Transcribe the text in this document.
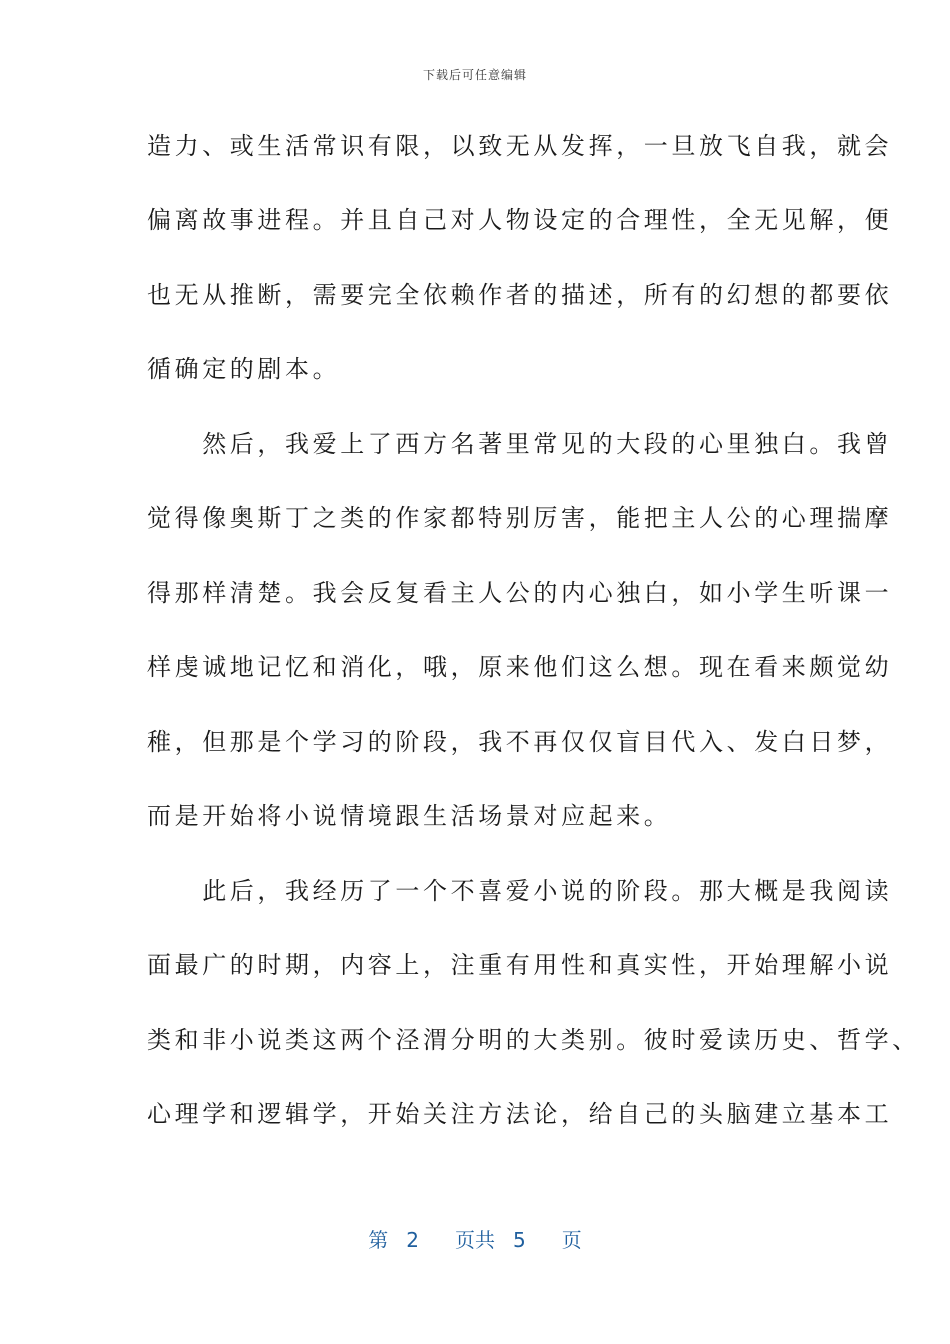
下载后可任意编辑
造力、或生活常识有限，以致无从发挥，一旦放飞自我，就会
偏离故事进程。并且自己对人物设定的合理性，全无见解，便
也无从推断，需要完全依赖作者的描述，所有的幻想的都要依
循确定的剧本。
　　然后，我爱上了西方名著里常见的大段的心里独白。我曾
觉得像奥斯丁之类的作家都特别厉害，能把主人公的心理揣摩
得那样清楚。我会反复看主人公的内心独白，如小学生听课一
样虔诚地记忆和消化，哦，原来他们这么想。现在看来颇觉幼
稚，但那是个学习的阶段，我不再仅仅盲目代入、发白日梦，
而是开始将小说情境跟生活场景对应起来。
　　此后，我经历了一个不喜爱小说的阶段。那大概是我阅读
面最广的时期，内容上，注重有用性和真实性，开始理解小说
类和非小说类这两个泾渭分明的大类别。彼时爱读历史、哲学、
心理学和逻辑学，开始关注方法论，给自己的头脑建立基本工
第 2 页共 5 页
